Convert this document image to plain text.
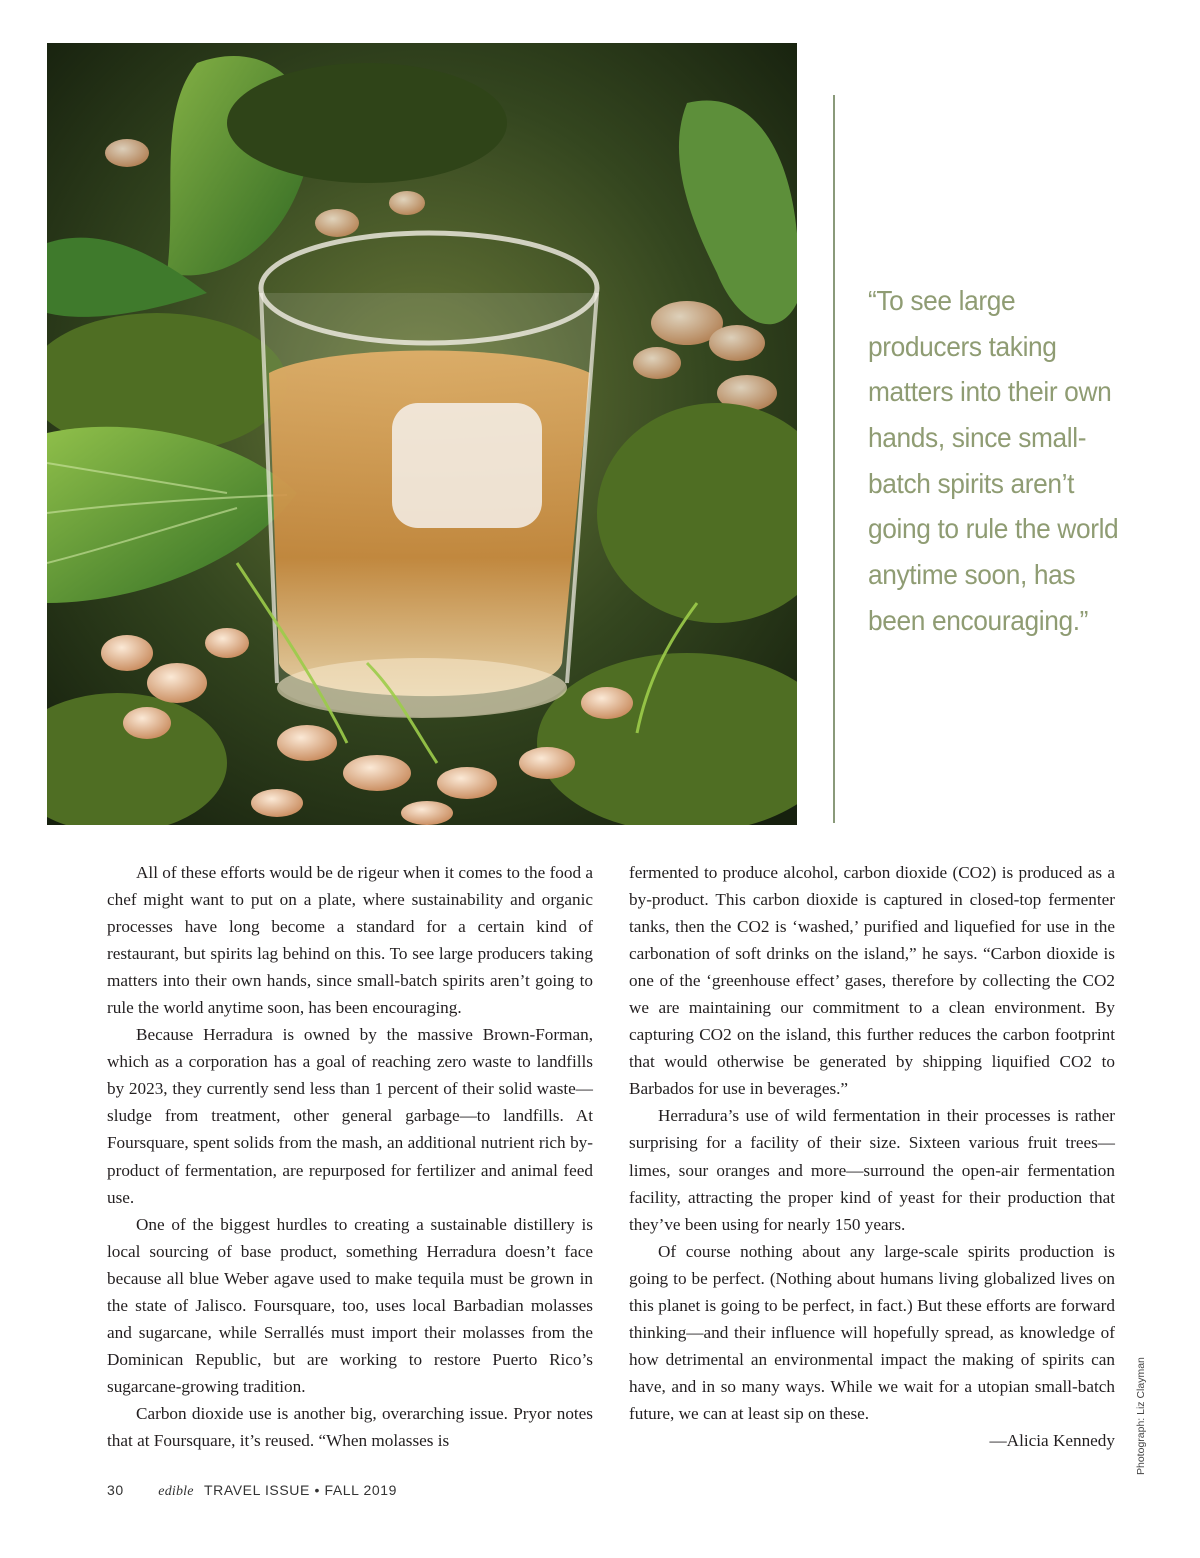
“To see large
producers taking
matters into their own
hands, since small-
batch spirits aren’t
going to rule the world
anytime soon, has
been encouraging.”

All of these efforts would be de rigeur when it comes to the food a chef might want to put on a plate, where sustainability and organic processes have long become a standard for a certain kind of restaurant, but spirits lag behind on this. To see large producers taking matters into their own hands, since small-batch spirits aren’t going to rule the world anytime soon, has been encouraging.

Because Herradura is owned by the massive Brown-Forman, which as a corporation has a goal of reaching zero waste to landfills by 2023, they currently send less than 1 percent of their solid waste—sludge from treatment, other general garbage—to landfills. At Foursquare, spent solids from the mash, an additional nutrient rich by-product of fermentation, are repurposed for fertilizer and animal feed use.

One of the biggest hurdles to creating a sustainable distillery is local sourcing of base product, something Herradura doesn’t face because all blue Weber agave used to make tequila must be grown in the state of Jalisco. Foursquare, too, uses local Barbadian molasses and sugarcane, while Serrallés must import their molasses from the Dominican Republic, but are working to restore Puerto Rico’s sugarcane-growing tradition.

Carbon dioxide use is another big, overarching issue. Pryor notes that at Foursquare, it’s reused. “When molasses is

fermented to produce alcohol, carbon dioxide (CO2) is produced as a by-product. This carbon dioxide is captured in closed-top fermenter tanks, then the CO2 is ‘washed,’ purified and liquefied for use in the carbonation of soft drinks on the island,” he says. “Carbon dioxide is one of the ‘greenhouse effect’ gases, therefore by collecting the CO2 we are maintaining our commitment to a clean environment. By capturing CO2 on the island, this further reduces the carbon footprint that would otherwise be generated by shipping liquified CO2 to Barbados for use in beverages.”

Herradura’s use of wild fermentation in their processes is rather surprising for a facility of their size. Sixteen various fruit trees—limes, sour oranges and more—surround the open-air fermentation facility, attracting the proper kind of yeast for their production that they’ve been using for nearly 150 years.

Of course nothing about any large-scale spirits production is going to be perfect. (Nothing about humans living globalized lives on this planet is going to be perfect, in fact.) But these efforts are forward thinking—and their influence will hopefully spread, as knowledge of how detrimental an environmental impact the making of spirits can have, and in so many ways. While we wait for a utopian small-batch future, we can at least sip on these.

—Alicia Kennedy
30 edible TRAVEL ISSUE • FALL 2019
Photograph: Liz Clayman
